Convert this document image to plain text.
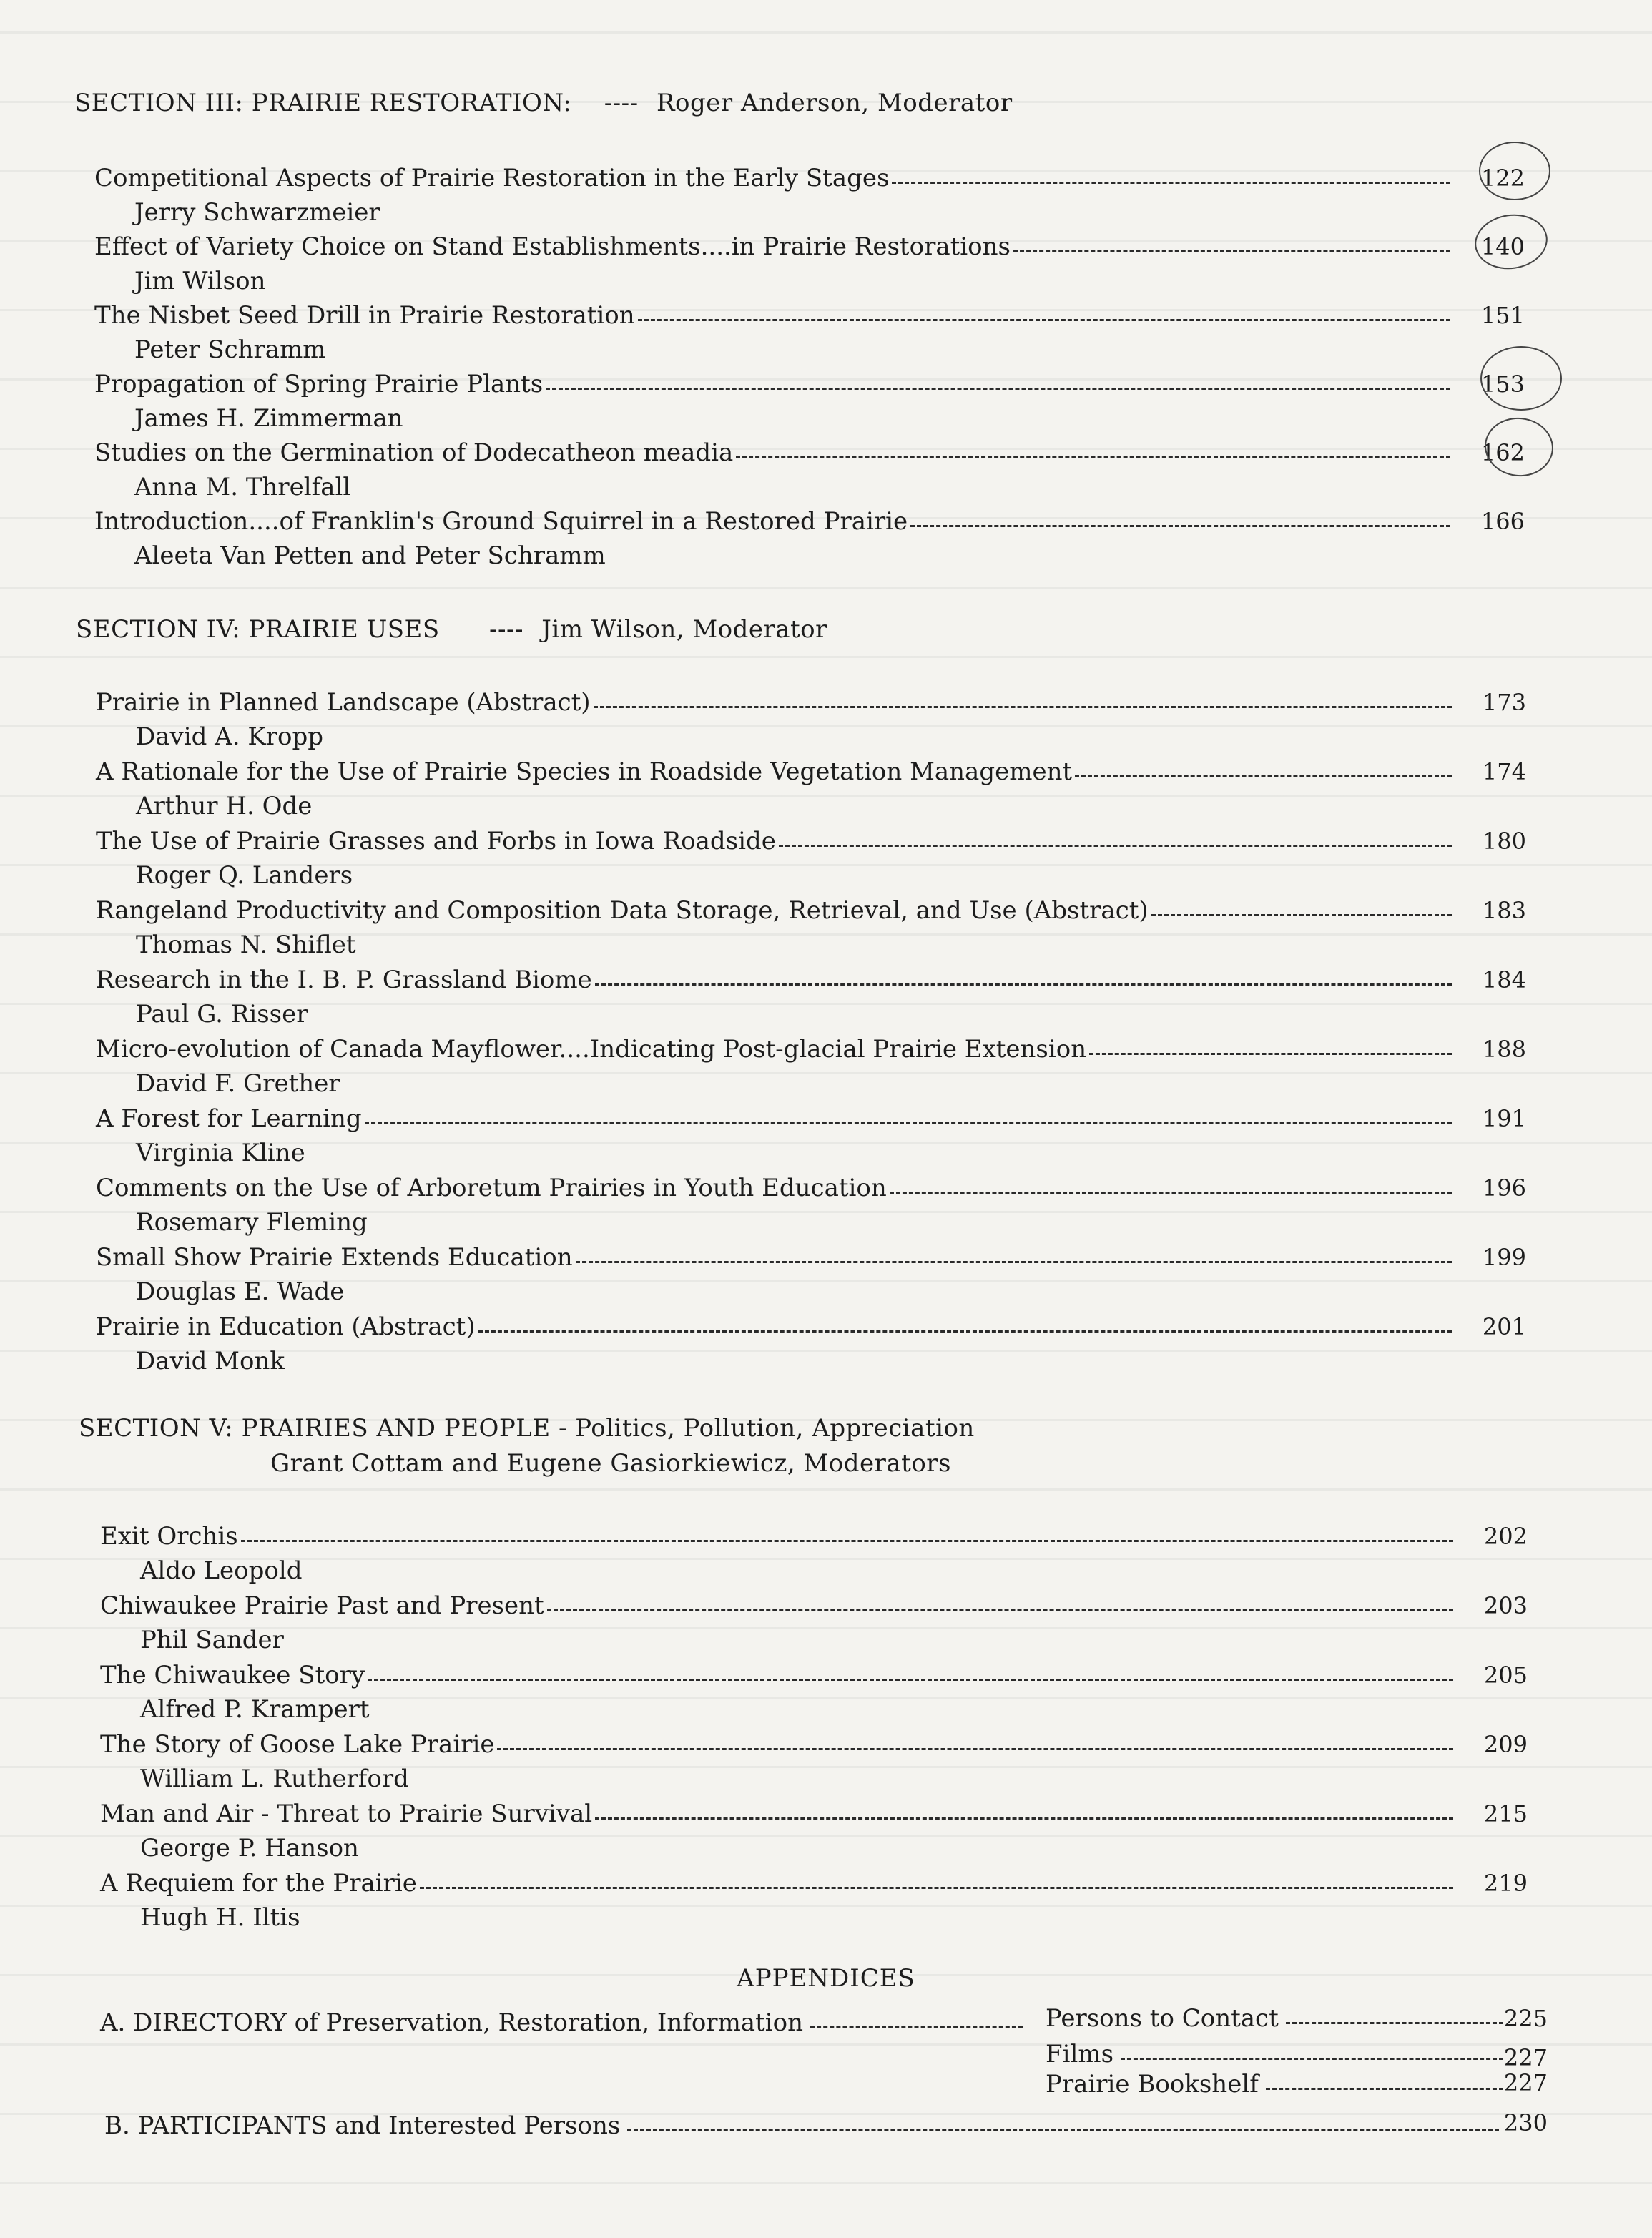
SECTION III: PRAIRIE RESTORATION: ---- Roger Anderson, Moderator
Competitional Aspects of Prairie Restoration in the Early Stages	122
Jerry Schwarzmeier
Effect of Variety Choice on Stand Establishments....in Prairie Restorations	140
Jim Wilson
The Nisbet Seed Drill in Prairie Restoration	151
Peter Schramm
Propagation of Spring Prairie Plants	153
James H. Zimmerman
Studies on the Germination of Dodecatheon meadia	162
Anna M. Threlfall
Introduction....of Franklin's Ground Squirrel in a Restored Prairie	166
Aleeta Van Petten and Peter Schramm
SECTION IV: PRAIRIE USES ---- Jim Wilson, Moderator
Prairie in Planned Landscape (Abstract)	173
David A. Kropp
A Rationale for the Use of Prairie Species in Roadside Vegetation Management	174
Arthur H. Ode
The Use of Prairie Grasses and Forbs in Iowa Roadside	180
Roger Q. Landers
Rangeland Productivity and Composition Data Storage, Retrieval, and Use (Abstract)	183
Thomas N. Shiflet
Research in the I. B. P. Grassland Biome	184
Paul G. Risser
Micro-evolution of Canada Mayflower....Indicating Post-glacial Prairie Extension	188
David F. Grether
A Forest for Learning	191
Virginia Kline
Comments on the Use of Arboretum Prairies in Youth Education	196
Rosemary Fleming
Small Show Prairie Extends Education	199
Douglas E. Wade
Prairie in Education (Abstract)	201
David Monk
SECTION V: PRAIRIES AND PEOPLE - Politics, Pollution, Appreciation
Grant Cottam and Eugene Gasiorkiewicz, Moderators
Exit Orchis	202
Aldo Leopold
Chiwaukee Prairie Past and Present	203
Phil Sander
The Chiwaukee Story	205
Alfred P. Krampert
The Story of Goose Lake Prairie	209
William L. Rutherford
Man and Air - Threat to Prairie Survival	215
George P. Hanson
A Requiem for the Prairie	219
Hugh H. Iltis
APPENDICES
A. DIRECTORY of Preservation, Restoration, Information	Persons to Contact	225
Films	227
Prairie Bookshelf	227
B. PARTICIPANTS and Interested Persons	230
